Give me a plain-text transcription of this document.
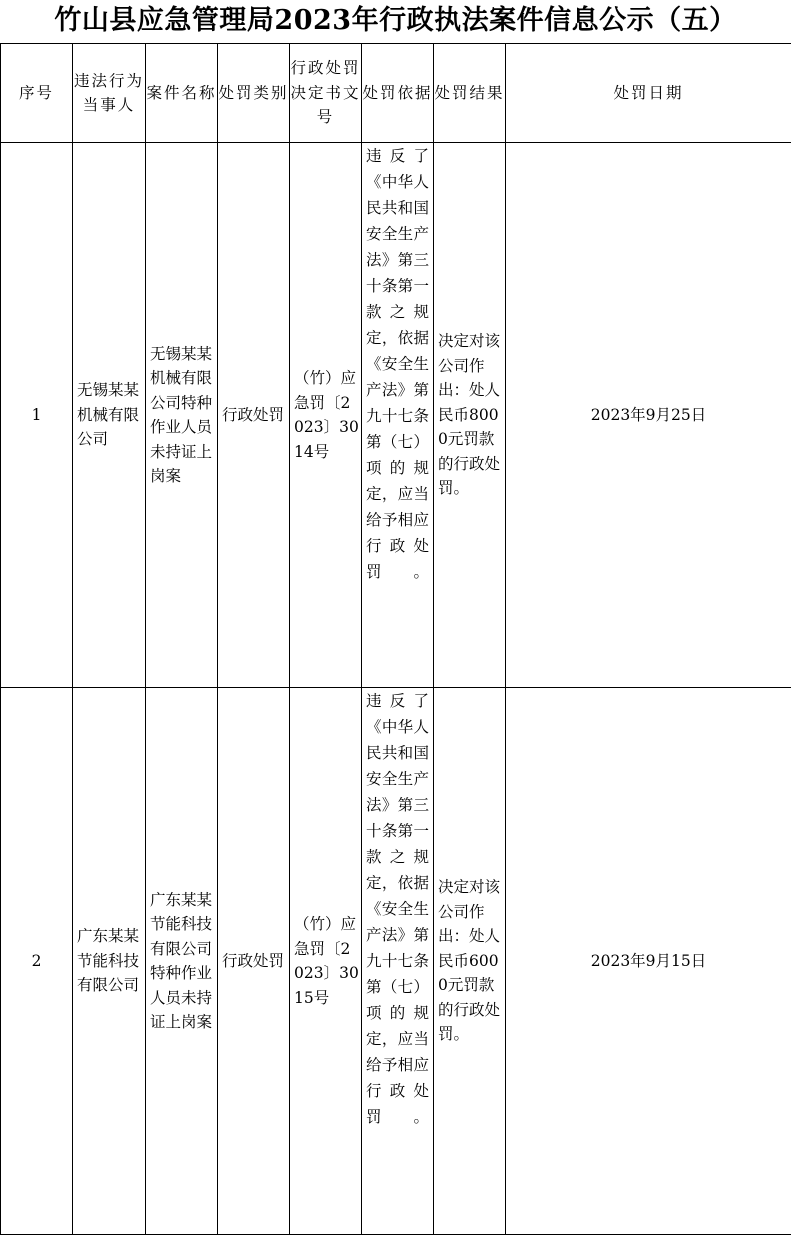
竹山县应急管理局2023年行政执法案件信息公示（五）
序号	违法行为当事人	案件名称	处罚类别	行政处罚决定书文号	处罚依据	处罚结果	处罚日期
1	无锡某某机械有限公司	无锡某某机械有限公司特种作业人员未持证上岗案	行政处罚	（竹）应急罚〔2023〕3014号	违反了《中华人民共和国安全生产法》第三十条第一款之规定，依据《安全生产法》第九十七条第（七）项的规定，应当给予相应行政处罚。	决定对该公司作出：处人民币8000元罚款的行政处罚。	2023年9月25日
2	广东某某节能科技有限公司	广东某某节能科技有限公司特种作业人员未持证上岗案	行政处罚	（竹）应急罚〔2023〕3015号	违反了《中华人民共和国安全生产法》第三十条第一款之规定，依据《安全生产法》第九十七条第（七）项的规定，应当给予相应行政处罚。	决定对该公司作出：处人民币6000元罚款的行政处罚。	2023年9月15日
